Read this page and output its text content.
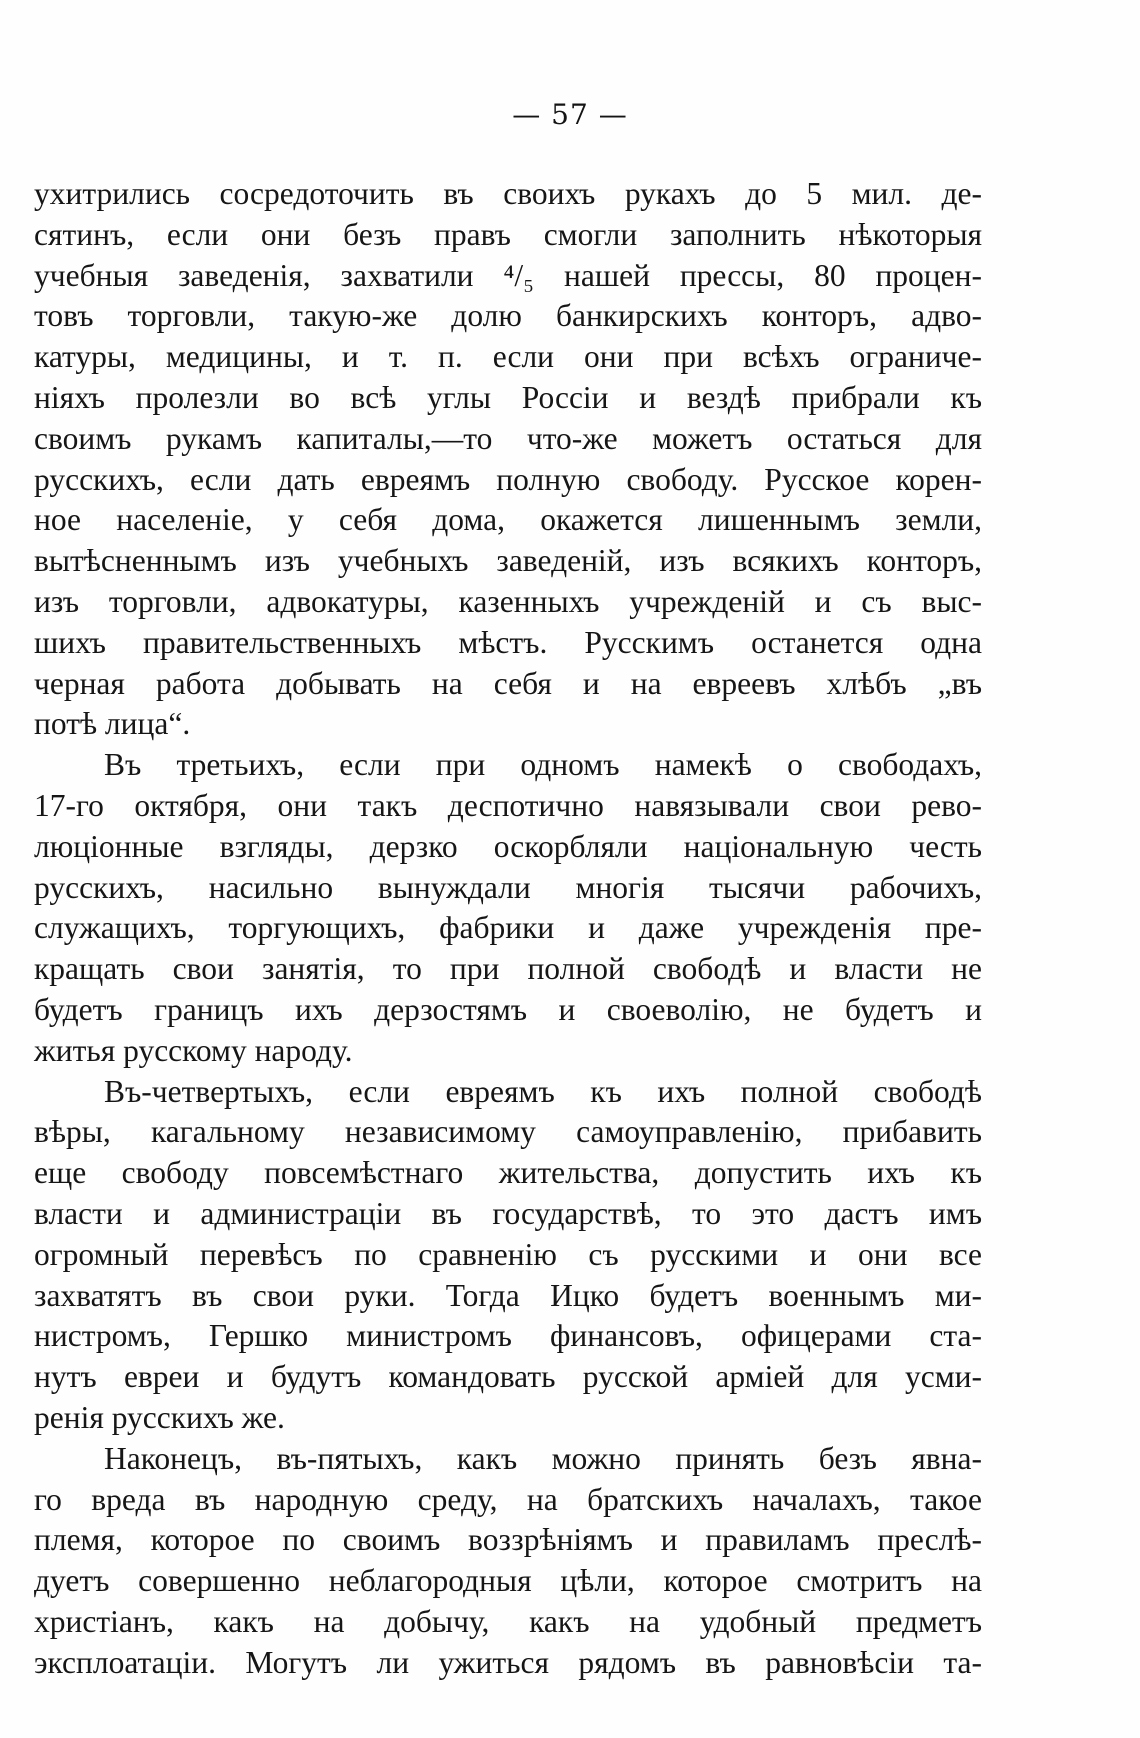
— 57 —
ухитрились сосредоточить въ своихъ рукахъ до 5 мил. де-
сятинъ, если они безъ правъ смогли заполнить нѣкоторыя
учебныя заведенія, захватили ⁴/₅ нашей прессы, 80 процен-
товъ торговли, такую-же долю банкирскихъ конторъ, адво-
катуры, медицины, и т. п. если они при всѣхъ ограниче-
ніяхъ пролезли во всѣ углы Россіи и вездѣ прибрали къ
своимъ рукамъ капиталы,—то что-же можетъ остаться для
русскихъ, если дать евреямъ полную свободу. Русское корен-
ное населеніе, у себя дома, окажется лишеннымъ земли,
вытѣсненнымъ изъ учебныхъ заведеній, изъ всякихъ конторъ,
изъ торговли, адвокатуры, казенныхъ учрежденій и съ выс-
шихъ правительственныхъ мѣстъ. Русскимъ останется одна
черная работа добывать на себя и на евреевъ хлѣбъ „въ
потѣ лица“.
Въ третьихъ, если при одномъ намекѣ о свободахъ,
17-го октября, они такъ деспотично навязывали свои рево-
люціонные взгляды, дерзко оскорбляли національную честь
русскихъ, насильно вынуждали многія тысячи рабочихъ,
служащихъ, торгующихъ, фабрики и даже учрежденія пре-
кращать свои занятія, то при полной свободѣ и власти не
будетъ границъ ихъ дерзостямъ и своеволію, не будетъ и
житья русскому народу.
Въ-четвертыхъ, если евреямъ къ ихъ полной свободѣ
вѣры, кагальному независимому самоуправленію, прибавить
еще свободу повсемѣстнаго жительства, допустить ихъ къ
власти и администраціи въ государствѣ, то это дастъ имъ
огромный перевѣсъ по сравненію съ русскими и они все
захватятъ въ свои руки. Тогда Ицко будетъ военнымъ ми-
нистромъ, Гершко министромъ финансовъ, офицерами ста-
нутъ евреи и будутъ командовать русской арміей для усми-
ренія русскихъ же.
Наконецъ, въ-пятыхъ, какъ можно принять безъ явна-
го вреда въ народную среду, на братскихъ началахъ, такое
племя, которое по своимъ воззрѣніямъ и правиламъ преслѣ-
дуетъ совершенно неблагородныя цѣли, которое смотритъ на
христіанъ, какъ на добычу, какъ на удобный предметъ
эксплоатаціи. Могутъ ли ужиться рядомъ въ равновѣсіи та-
